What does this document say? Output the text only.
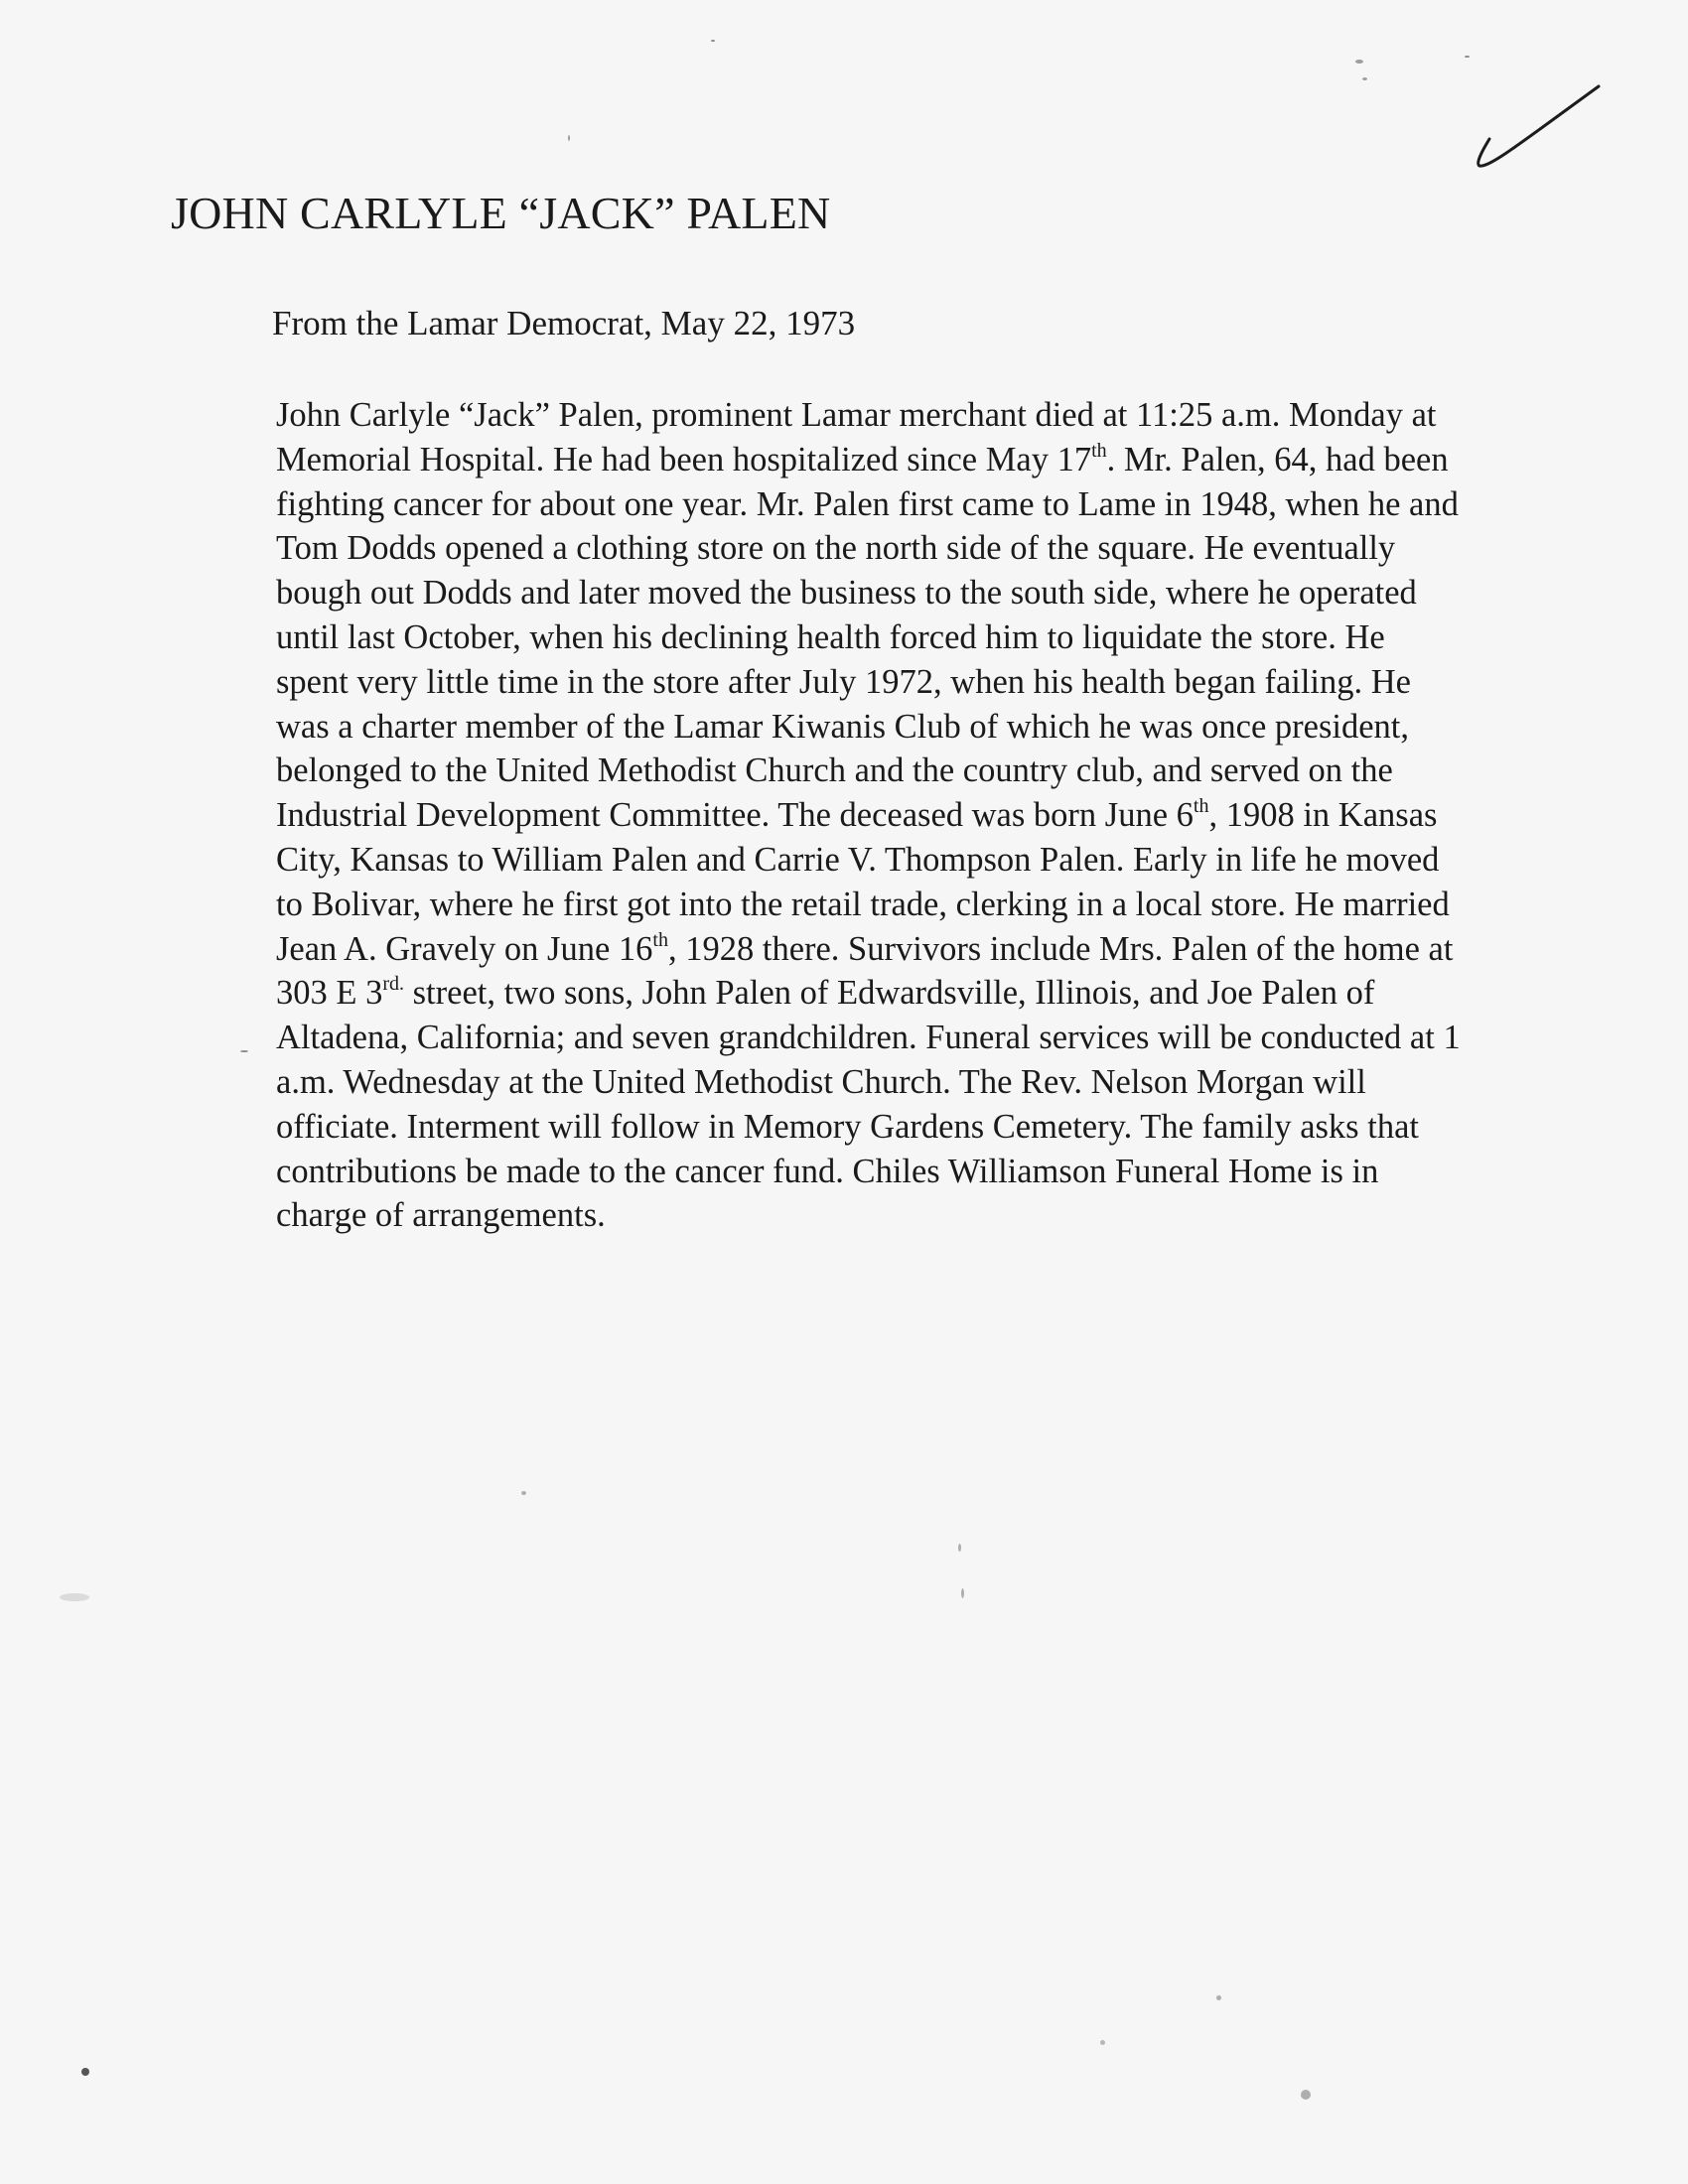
JOHN CARLYLE “JACK” PALEN

From the Lamar Democrat, May 22, 1973

John Carlyle “Jack” Palen, prominent Lamar merchant died at 11:25 a.m. Monday at
Memorial Hospital. He had been hospitalized since May 17th. Mr. Palen, 64, had been
fighting cancer for about one year. Mr. Palen first came to Lame in 1948, when he and
Tom Dodds opened a clothing store on the north side of the square. He eventually
bough out Dodds and later moved the business to the south side, where he operated
until last October, when his declining health forced him to liquidate the store. He
spent very little time in the store after July 1972, when his health began failing. He
was a charter member of the Lamar Kiwanis Club of which he was once president,
belonged to the United Methodist Church and the country club, and served on the
Industrial Development Committee. The deceased was born June 6th, 1908 in Kansas
City, Kansas to William Palen and Carrie V. Thompson Palen. Early in life he moved
to Bolivar, where he first got into the retail trade, clerking in a local store. He married
Jean A. Gravely on June 16th, 1928 there. Survivors include Mrs. Palen of the home at
303 E $3^{rd.}$ street, two sons, John Palen of Edwardsville, Illinois, and Joe Palen of
Altadena, California; and seven grandchildren. Funeral services will be conducted at 1
a.m. Wednesday at the United Methodist Church. The Rev. Nelson Morgan will
officiate. Interment will follow in Memory Gardens Cemetery. The family asks that
contributions be made to the cancer fund. Chiles Williamson Funeral Home is in
charge of arrangements.
